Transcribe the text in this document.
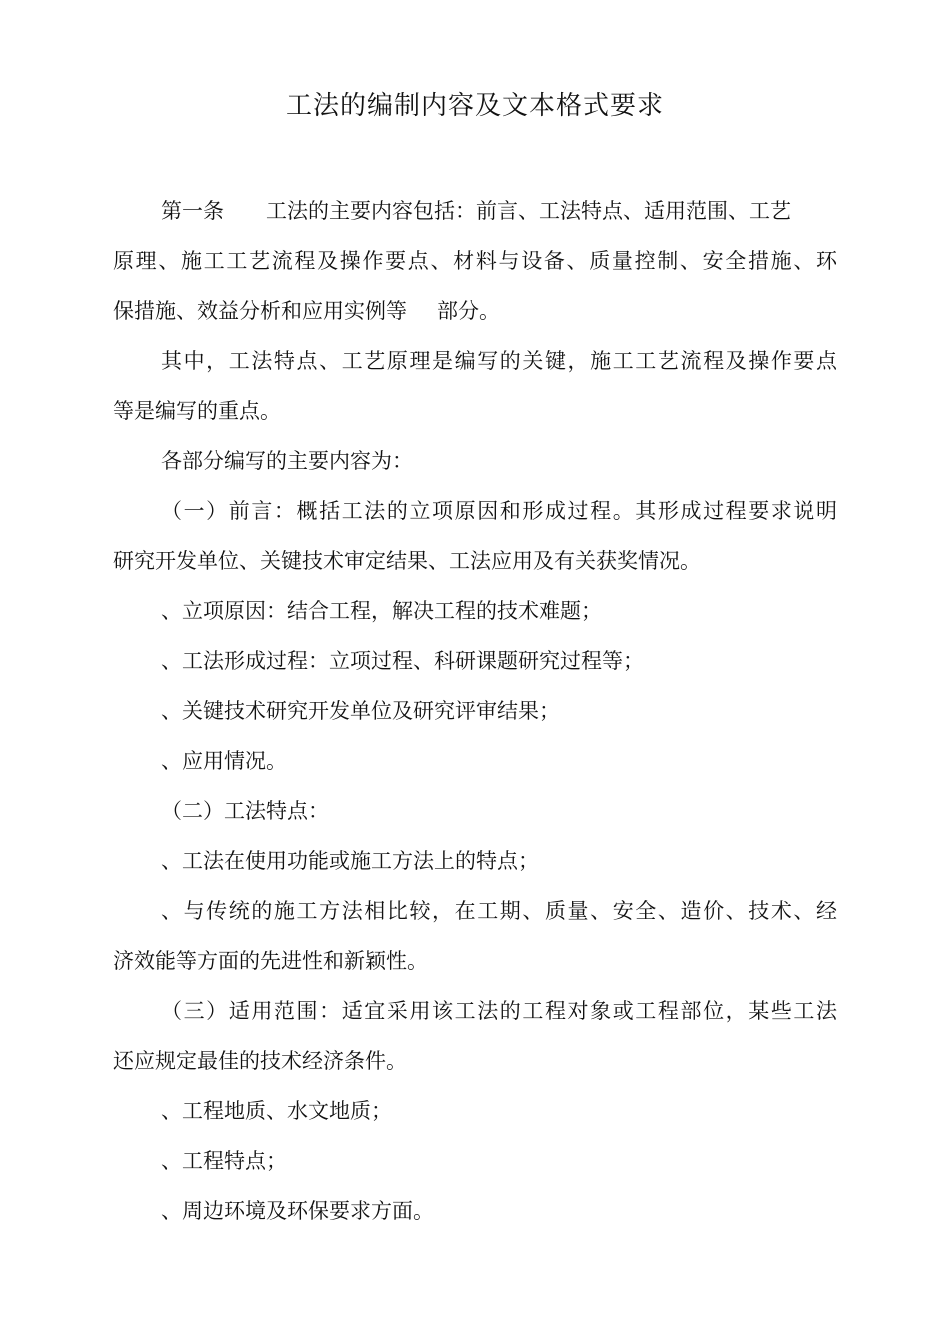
工法的编制内容及文本格式要求
第一条 工法的主要内容包括：前言、工法特点、适用范围、工艺
原理、施工工艺流程及操作要点、材料与设备、质量控制、安全措施、环
保措施、效益分析和应用实例等 部分。
其中，工法特点、工艺原理是编写的关键，施工工艺流程及操作要点
等是编写的重点。
各部分编写的主要内容为：
（一）前言：概括工法的立项原因和形成过程。其形成过程要求说明
研究开发单位、关键技术审定结果、工法应用及有关获奖情况。
、立项原因：结合工程，解决工程的技术难题；
、工法形成过程：立项过程、科研课题研究过程等；
、关键技术研究开发单位及研究评审结果；
、应用情况。
（二）工法特点：
、工法在使用功能或施工方法上的特点；
、与传统的施工方法相比较，在工期、质量、安全、造价、技术、经
济效能等方面的先进性和新颖性。
（三）适用范围：适宜采用该工法的工程对象或工程部位，某些工法
还应规定最佳的技术经济条件。
、工程地质、水文地质；
、工程特点；
、周边环境及环保要求方面。
